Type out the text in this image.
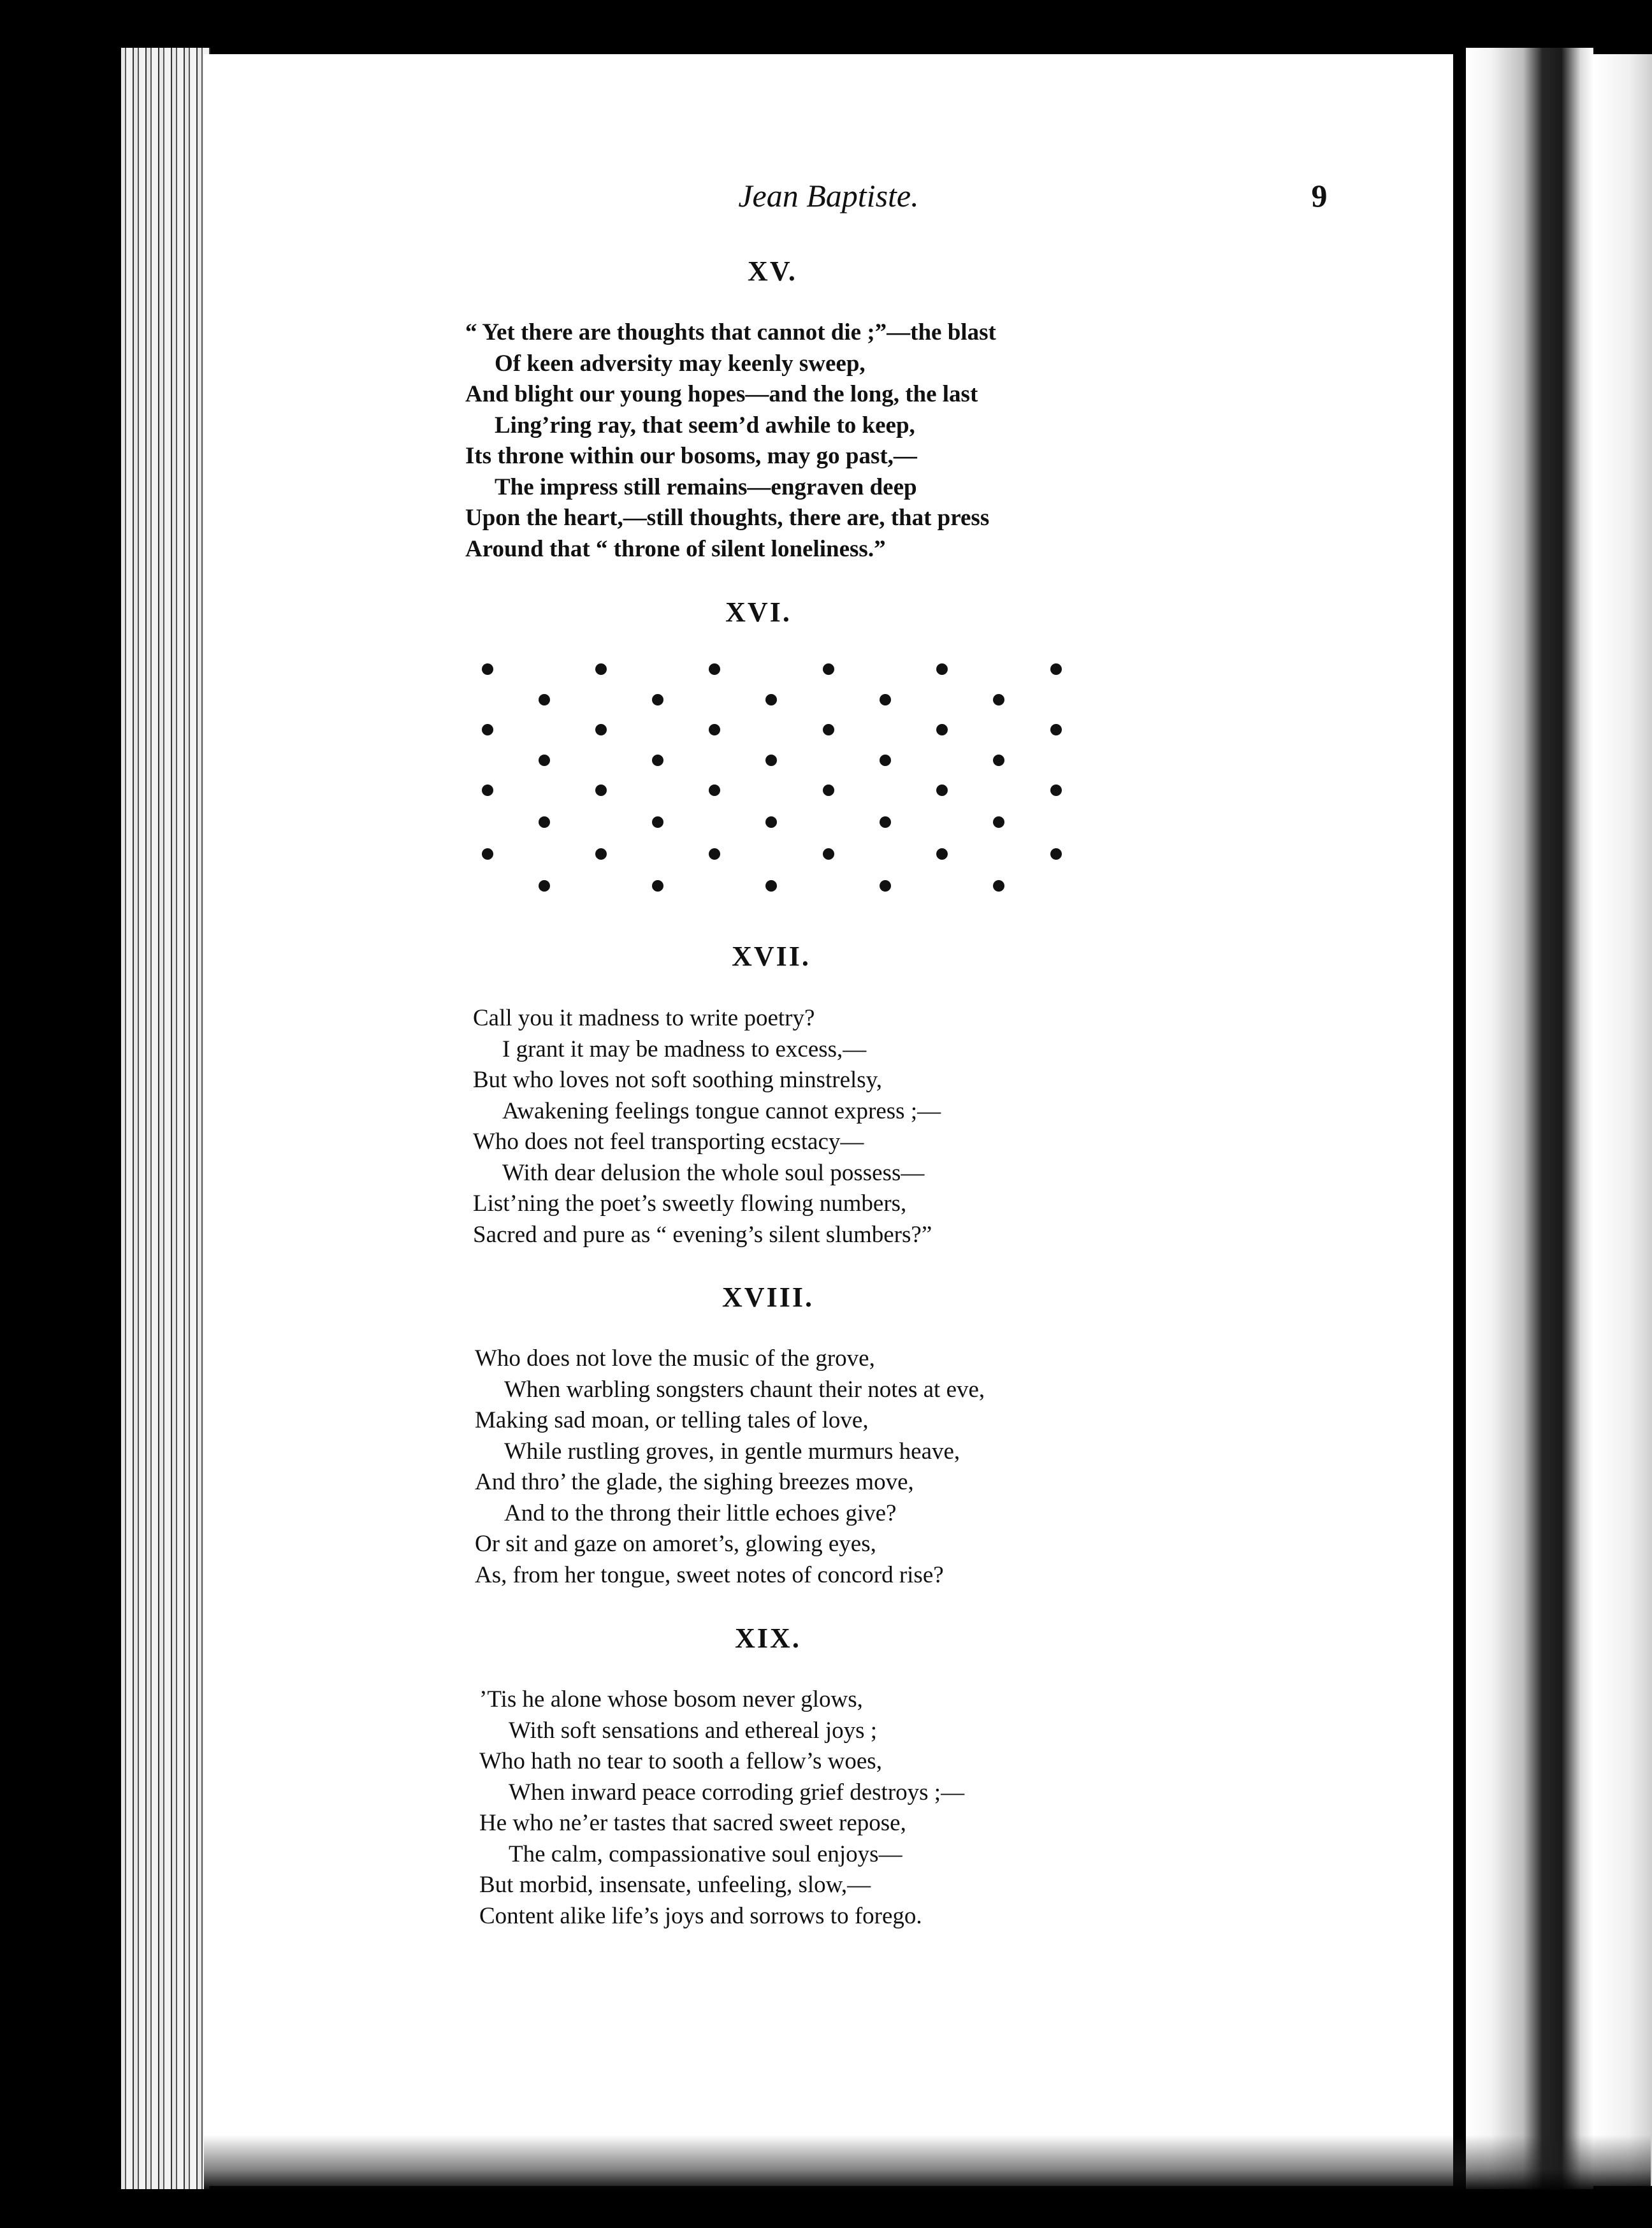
Jean Baptiste.	9
XV.
“ Yet there are thoughts that cannot die ;”—the blast
Of keen adversity may keenly sweep,
And blight our young hopes—and the long, the last
Ling’ring ray, that seem’d awhile to keep,
Its throne within our bosoms, may go past,—
The impress still remains—engraven deep
Upon the heart,—still thoughts, there are, that press
Around that “ throne of silent loneliness.”
XVI.
XVII.
Call you it madness to write poetry?
I grant it may be madness to excess,—
But who loves not soft soothing minstrelsy,
Awakening feelings tongue cannot express ;—
Who does not feel transporting ecstacy—
With dear delusion the whole soul possess—
List’ning the poet’s sweetly flowing numbers,
Sacred and pure as “ evening’s silent slumbers?”
XVIII.
Who does not love the music of the grove,
When warbling songsters chaunt their notes at eve,
Making sad moan, or telling tales of love,
While rustling groves, in gentle murmurs heave,
And thro’ the glade, the sighing breezes move,
And to the throng their little echoes give?
Or sit and gaze on amoret’s, glowing eyes,
As, from her tongue, sweet notes of concord rise?
XIX.
’Tis he alone whose bosom never glows,
With soft sensations and ethereal joys ;
Who hath no tear to sooth a fellow’s woes,
When inward peace corroding grief destroys ;—
He who ne’er tastes that sacred sweet repose,
The calm, compassionative soul enjoys—
But morbid, insensate, unfeeling, slow,—
Content alike life’s joys and sorrows to forego.
